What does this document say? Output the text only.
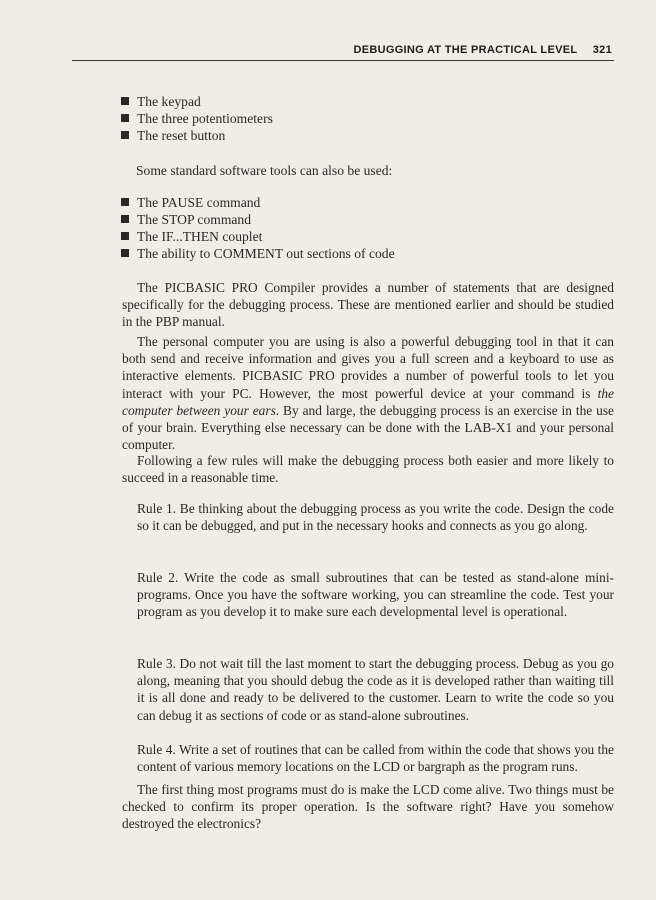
DEBUGGING AT THE PRACTICAL LEVEL 321
The keypad
The three potentiometers
The reset button

Some standard software tools can also be used:

The PAUSE command
The STOP command
The IF...THEN couplet
The ability to COMMENT out sections of code

The PICBASIC PRO Compiler provides a number of statements that are designed specifically for the debugging process. These are mentioned earlier and should be studied in the PBP manual.

The personal computer you are using is also a powerful debugging tool in that it can both send and receive information and gives you a full screen and a keyboard to use as interactive elements. PICBASIC PRO provides a number of powerful tools to let you interact with your PC. However, the most powerful device at your command is the computer between your ears. By and large, the debugging process is an exercise in the use of your brain. Everything else necessary can be done with the LAB-X1 and your personal computer.

Following a few rules will make the debugging process both easier and more likely to succeed in a reasonable time.

Rule 1. Be thinking about the debugging process as you write the code. Design the code so it can be debugged, and put in the necessary hooks and connects as you go along.

Rule 2. Write the code as small subroutines that can be tested as stand-alone mini-programs. Once you have the software working, you can streamline the code. Test your program as you develop it to make sure each developmental level is operational.

Rule 3. Do not wait till the last moment to start the debugging process. Debug as you go along, meaning that you should debug the code as it is developed rather than waiting till it is all done and ready to be delivered to the customer. Learn to write the code so you can debug it as sections of code or as stand-alone subroutines.

Rule 4. Write a set of routines that can be called from within the code that shows you the content of various memory locations on the LCD or bargraph as the program runs.

The first thing most programs must do is make the LCD come alive. Two things must be checked to confirm its proper operation. Is the software right? Have you somehow destroyed the electronics?
